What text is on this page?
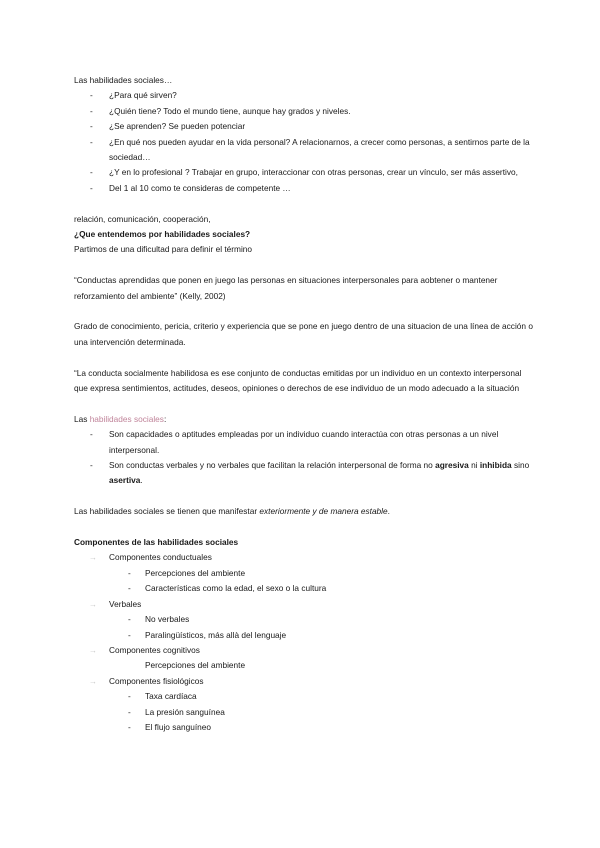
Las habilidades sociales…

- ¿Para qué sirven?
- ¿Quién tiene? Todo el mundo tiene, aunque hay grados y niveles.
- ¿Se aprenden? Se pueden potenciar
- ¿En qué nos pueden ayudar en la vida personal? A relacionarnos, a crecer como personas, a sentirnos parte de la sociedad…
- ¿Y en lo profesional ? Trabajar en grupo, interaccionar con otras personas, crear un vínculo, ser más assertivo,
- Del 1 al 10 como te consideras de competente …

relación, comunicación, cooperación,

¿Que entendemos por habilidades sociales?

Partimos de una dificultad para definir el término

“Conductas aprendidas que ponen en juego las personas en situaciones interpersonales para aobtener o mantener reforzamiento del ambiente” (Kelly, 2002)

Grado de conocimiento, pericia, criterio y experiencia que se pone en juego dentro de una situacion de una línea de acción o una intervención determinada.

“La conducta socialmente habilidosa es ese conjunto de conductas emitidas por un individuo en un contexto interpersonal que expresa sentimientos, actitudes, deseos, opiniones o derechos de ese individuo de un modo adecuado a la situación

Las habilidades sociales:

- Son capacidades o aptitudes empleadas por un individuo cuando interactúa con otras personas a un nivel interpersonal.
- Son conductas verbales y no verbales que facilitan la relación interpersonal de forma no agresiva ni inhibida sino asertiva.

Las habilidades sociales se tienen que manifestar exteriormente y de manera estable.

Componentes de las habilidades sociales

→ Componentes conductuales
- Percepciones del ambiente
- Características como la edad, el sexo o la cultura
→ Verbales
- No verbales
- Paralingüísticos, más allà del lenguaje
→ Componentes cognitivos

Percepciones del ambiente

→ Componentes fisiológicos
- Taxa cardíaca
- La presión sanguínea
- El flujo sanguíneo
